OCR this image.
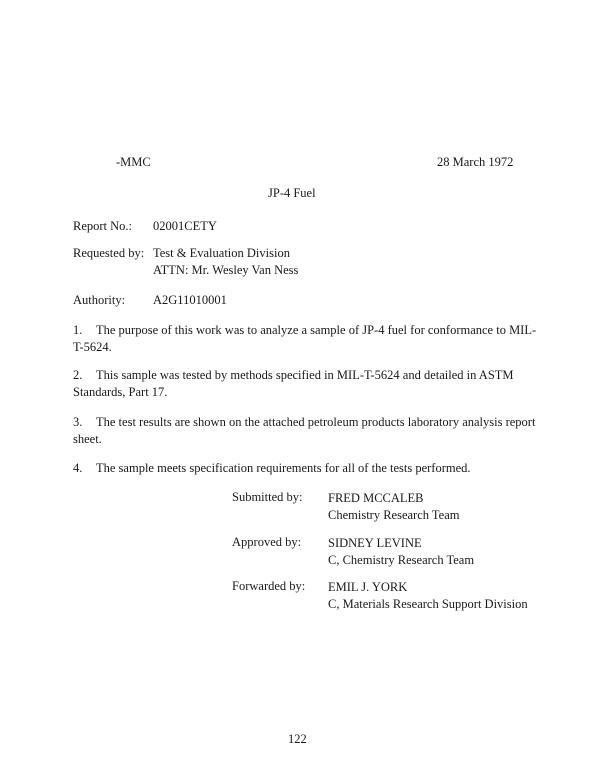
-MMC	28 March 1972
JP-4 Fuel
Report No.: 02001CETY
Requested by: Test & Evaluation Division
ATTN: Mr. Wesley Van Ness
Authority: A2G11010001
1. The purpose of this work was to analyze a sample of JP-4 fuel for conformance to MIL-T-5624.
2. This sample was tested by methods specified in MIL-T-5624 and detailed in ASTM Standards, Part 17.
3. The test results are shown on the attached petroleum products laboratory analysis report sheet.
4. The sample meets specification requirements for all of the tests performed.
Submitted by:	FRED MCCALEB
Chemistry Research Team
Approved by:	SIDNEY LEVINE
C, Chemistry Research Team
Forwarded by:	EMIL J. YORK
C, Materials Research Support Division
122
